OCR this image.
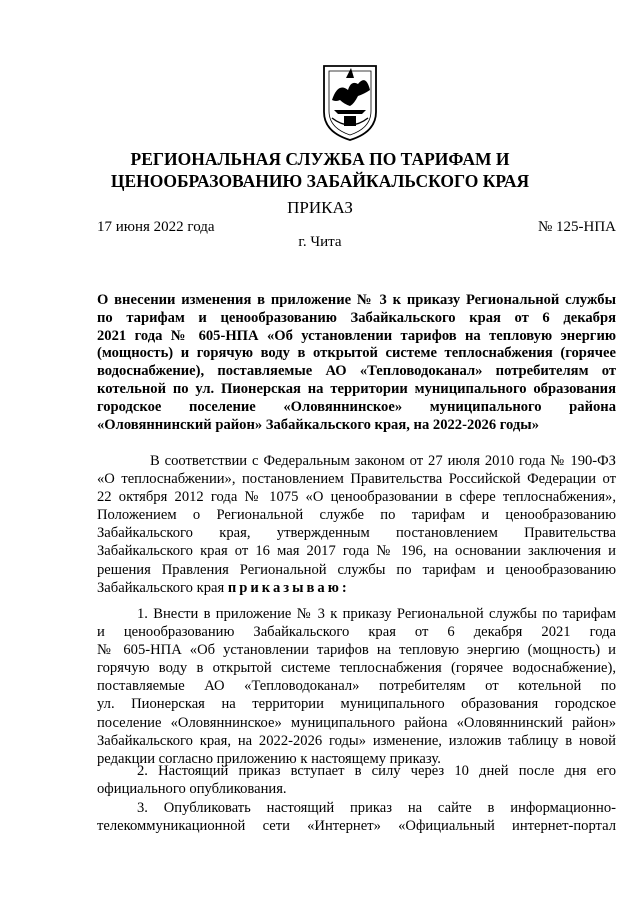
РЕГИОНАЛЬНАЯ СЛУЖБА ПО ТАРИФАМ И
ЦЕНООБРАЗОВАНИЮ ЗАБАЙКАЛЬСКОГО КРАЯ
ПРИКАЗ
17 июня 2022 года	№ 125-НПА
г. Чита
О внесении изменения в приложение № 3 к приказу Региональной службы
по тарифам и ценообразованию Забайкальского края от 6 декабря
2021 года № 605-НПА «Об установлении тарифов на тепловую энергию
(мощность) и горячую воду в открытой системе теплоснабжения (горячее
водоснабжение), поставляемые АО «Тепловодоканал» потребителям от
котельной по ул. Пионерская на территории муниципального образования
городское поселение «Оловяннинское» муниципального района
«Оловяннинский район» Забайкальского края, на 2022-2026 годы»
В соответствии с Федеральным законом от 27 июля 2010 года № 190-ФЗ
«О теплоснабжении», постановлением Правительства Российской Федерации от
22 октября 2012 года № 1075 «О ценообразовании в сфере теплоснабжения»,
Положением о Региональной службе по тарифам и ценообразованию
Забайкальского края, утвержденным постановлением Правительства
Забайкальского края от 16 мая 2017 года № 196, на основании заключения и
решения Правления Региональной службы по тарифам и ценообразованию
Забайкальского края приказываю:
1. Внести в приложение № 3 к приказу Региональной службы по тарифам
и ценообразованию Забайкальского края от 6 декабря 2021 года
№ 605-НПА «Об установлении тарифов на тепловую энергию (мощность) и
горячую воду в открытой системе теплоснабжения (горячее водоснабжение),
поставляемые АО «Тепловодоканал» потребителям от котельной по
ул. Пионерская на территории муниципального образования городское
поселение «Оловяннинское» муниципального района «Оловяннинский район»
Забайкальского края, на 2022-2026 годы» изменение, изложив таблицу в новой
редакции согласно приложению к настоящему приказу.
2. Настоящий приказ вступает в силу через 10 дней после дня его
официального опубликования.
3. Опубликовать настоящий приказ на сайте в информационно-
телекоммуникационной сети «Интернет» «Официальный интернет-портал
